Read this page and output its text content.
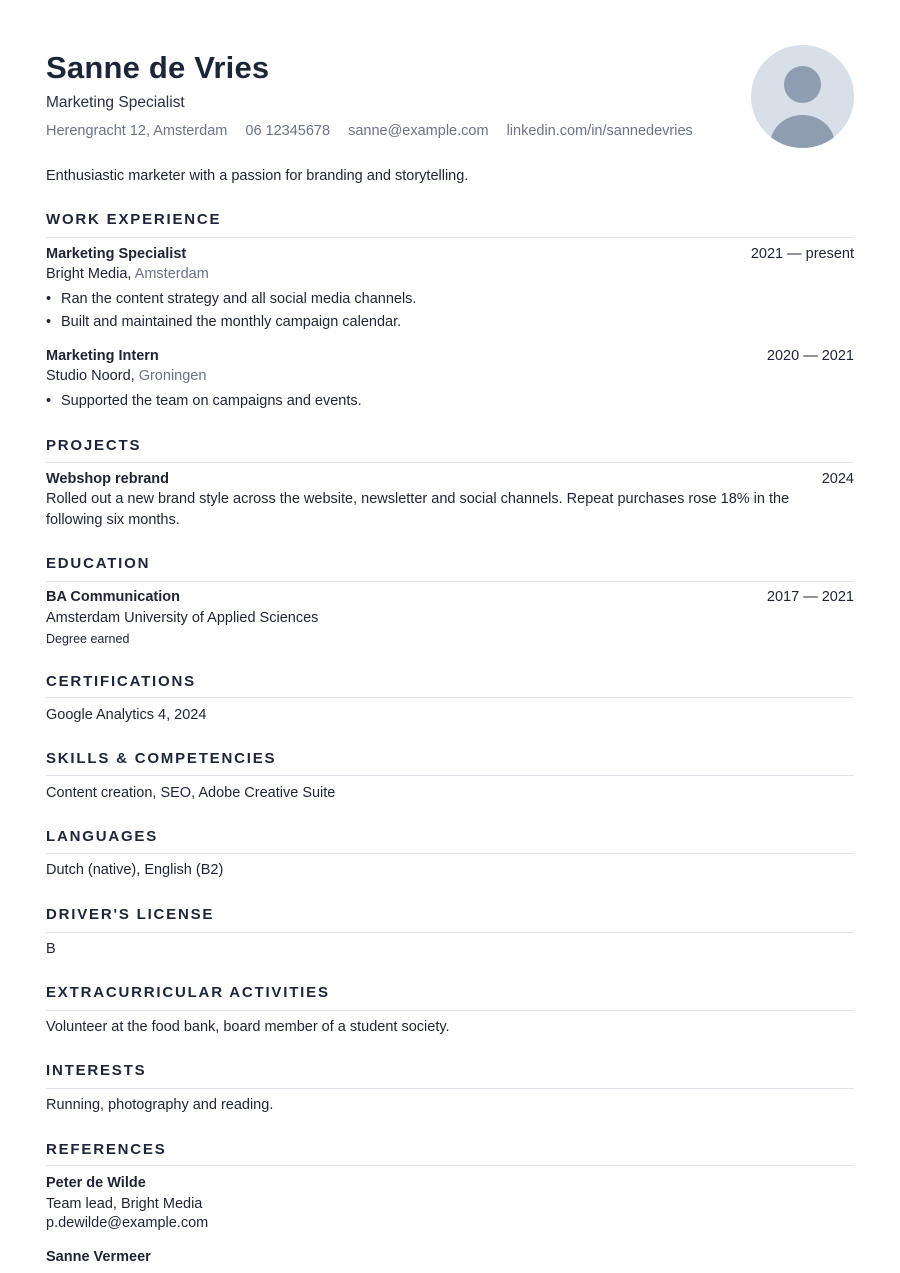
Sanne de Vries
Marketing Specialist
Herengracht 12, Amsterdam 06 12345678 sanne@example.com linkedin.com/in/sannedevries
Enthusiastic marketer with a passion for branding and storytelling.
WORK EXPERIENCE
Marketing Specialist	2021 — present
Bright Media, Amsterdam
• Ran the content strategy and all social media channels.
• Built and maintained the monthly campaign calendar.
Marketing Intern	2020 — 2021
Studio Noord, Groningen
• Supported the team on campaigns and events.
PROJECTS
Webshop rebrand	2024
Rolled out a new brand style across the website, newsletter and social channels. Repeat purchases rose 18% in the following six months.
EDUCATION
BA Communication	2017 — 2021
Amsterdam University of Applied Sciences
Degree earned
CERTIFICATIONS
Google Analytics 4, 2024
SKILLS & COMPETENCIES
Content creation, SEO, Adobe Creative Suite
LANGUAGES
Dutch (native), English (B2)
DRIVER'S LICENSE
B
EXTRACURRICULAR ACTIVITIES
Volunteer at the food bank, board member of a student society.
INTERESTS
Running, photography and reading.
REFERENCES
Peter de Wilde
Team lead, Bright Media
p.dewilde@example.com
Sanne Vermeer
